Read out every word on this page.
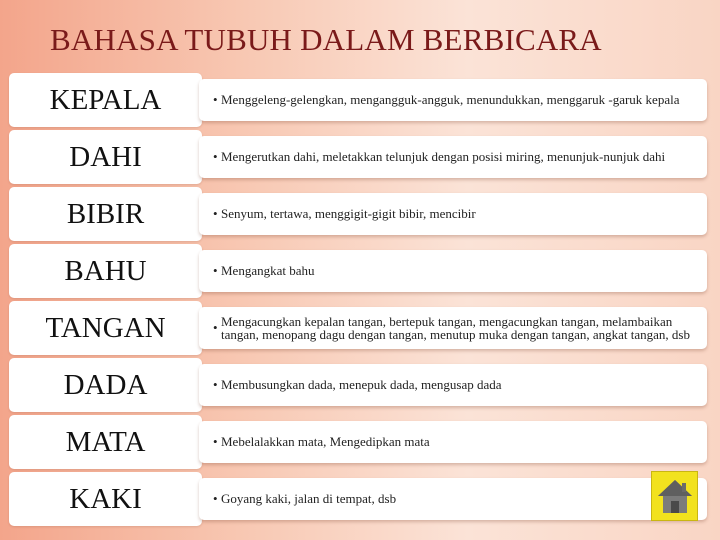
BAHASA TUBUH DALAM BERBICARA
KEPALA	• Menggeleng-gelengkan, mengangguk-angguk, menundukkan, menggaruk -garuk kepala
DAHI	• Mengerutkan dahi, meletakkan telunjuk dengan posisi miring, menunjuk-nunjuk dahi
BIBIR	• Senyum, tertawa, menggigit-gigit bibir, mencibir
BAHU	• Mengangkat bahu
TANGAN	• Mengacungkan kepalan tangan, bertepuk tangan, mengacungkan tangan, melambaikan tangan, menopang dagu dengan tangan, menutup muka dengan tangan, angkat tangan, dsb
DADA	• Membusungkan dada, menepuk dada, mengusap dada
MATA	• Mebelalakkan mata, Mengedipkan mata
KAKI	• Goyang kaki, jalan di tempat, dsb
